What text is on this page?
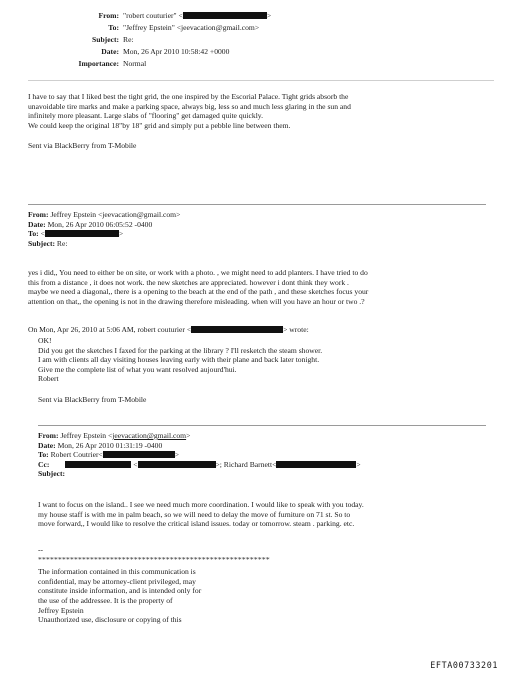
From: "robert couturier" <	>
To: "Jeffrey Epstein" <jeevacation@gmail.com>
Subject: Re:
Date: Mon, 26 Apr 2010 10:58:42 +0000
Importance: Normal
I have to say that I liked best the tight grid, the one inspired by the Escorial Palace. Tight grids absorb the
unavoidable tire marks and make a parking space, always big, less so and much less glaring in the sun and
infinitely more pleasant. Large slabs of "flooring" get damaged quite quickly.
We could keep the original 18"by 18" grid and simply put a pebble line between them.
Sent via BlackBerry from T-Mobile
From: Jeffrey Epstein <jeevacation@gmail.com>
Date: Mon, 26 Apr 2010 06:05:52 -0400
To: <	>
Subject: Re:
yes i did,, You need to either be on site, or work with a photo. , we might need to add planters. I have tried to do
this from a distance , it does not work. the new sketches are appreciated. however i dont think they work .
maybe we need a diagonal,, there is a opening to the beach at the end of the path , and these sketches focus your
attention on that,, the opening is not in the drawing therefore misleading. when will you have an hour or two .?
On Mon, Apr 26, 2010 at 5:06 AM, robert couturier <	> wrote:
OK!
Did you get the sketches I faxed for the parking at the library ? I'll resketch the steam shower.
I am with clients all day visiting houses leaving early with their plane and back later tonight.
Give me the complete list of what you want resolved aujourd'hui.
Robert
Sent via BlackBerry from T-Mobile
From: Jeffrey Epstein <jeevacation@gmail.com>
Date: Mon, 26 Apr 2010 01:31:19 -0400
To: Robert Coutrier<	>
Cc:	<	>; Richard Barnett<	>
Subject:
I want to focus on the island.. I see we need much more coordination. I would like to speak with you today.
my house staff is with me in palm beach, so we will need to delay the move of furniture on 71 st. So to
move forward,, I would like to resolve the critical island issues. today or tomorrow. steam . parking. etc.
--
**********************************************************
The information contained in this communication is
confidential, may be attorney-client privileged, may
constitute inside information, and is intended only for
the use of the addressee. It is the property of
Jeffrey Epstein
Unauthorized use, disclosure or copying of this
EFTA00733201
